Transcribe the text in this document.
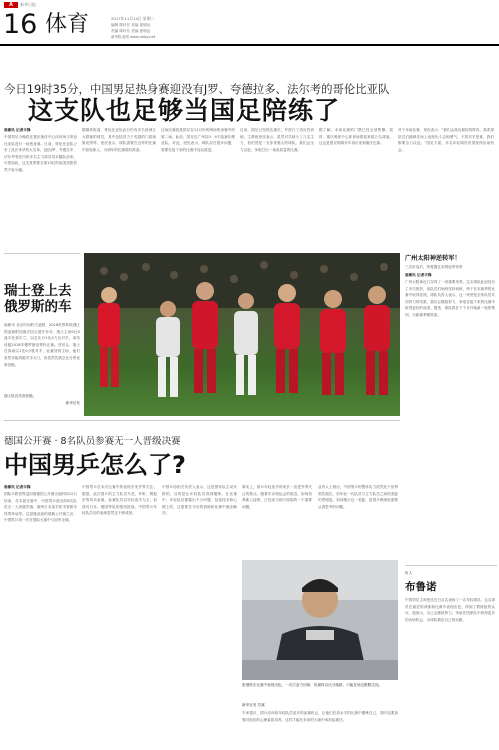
A	新华日报
16 体育	2017年11月14日 星期二
编辑 陈轩茗 美编 夏明达
责编 陈轩茗 美编 夏明达
新华报业网 www.xhby.net
今日19时35分，中国男足热身赛迎没有J罗、夸德拉多、法尔考的哥伦比亚队
这支队也足够当国足陪练了
南都讯 记者丰锋
中国男足今晚将在重庆奥体中心体育场与哥伦比亚队进行一场热身赛。日前，哥伦比亚队公布了此次来华的大名单，包括J罗、夸德拉多、法尔考等在内的多名主力球员均未随队前来。尽管如此，这支世界排名第13位的南美劲旅依然不容小觑。
据媒体报道，哥伦比亚队此行仍有多名欧洲五大联赛的球员，其中包括效力于英超的门将奥斯皮纳等。里皮表示，球队需要在这样的比赛中检验新人，为明年的比赛做好准备。
这场比赛将是国足在11月份的两场热身赛中的第二场。此前，国足在广州以0：4不敌塞尔维亚队。对此，里皮表示，球队存在很多问题，需要在接下来的比赛中加以改进。
目前，国足已经抵达重庆，并进行了适应性训练。主教练里皮表示，虽然对手缺少了几名主力，但仍然是一支非常强大的球队。我们会全力以赴，争取打出一场高质量的比赛。
据了解，本场比赛的门票已经全部售罄。届时，重庆奥体中心体育场将迎来数万名球迷。这也是国足时隔多年再次来到重庆比赛。
对于本场比赛，里皮表示：“我们会派出最好的阵容，我希望队员们能够在场上表现出斗志和勇气，不管对手是谁，我们都要全力以赴。”国足方面，多名年轻球员有望获得出场机会。
瑞士登上去
俄罗斯的车
南都讯 北京时间昨天凌晨，2018世界杯欧洲区预选赛附加赛次回合展开争夺，瑞士主场0比0战平北爱尔兰，以总比分1比0力压对手，成功晋级2018年俄罗斯世界杯正赛。首回合，瑞士在客场以1比0小胜对手，此番回到主场，他们虽然未能攻破对手大门，但依然凭借总比分的优势晋级。
瑞士队员庆祝晋级。
新华社发
广州太阳神逆转军！
三次折返后，终将握住本网冠军荣誉
南都讯 记者丰锋
广州太阳神近日夺得了一项重要荣誉。这支球队此前经历了多次挫折，但队员们始终坚持训练，终于在本赛季的比赛中取得佳绩。球队负责人表示，这一荣誉是全体队员共同努力的结果，我们会继续努力，争取在接下来的比赛中取得更好的成绩。据悉，球队将在下个月开始新一轮的集训，为新赛季做准备。
盯人
布鲁诺
中国男足主帅里皮近日点名表扬了一名年轻球员。这名球员在最近的训练和比赛中表现出色，得到了教练组的认可。他表示，自己会继续努力，争取在国家队中获得更多的出场机会，为球队做出自己的贡献。
德国公开赛 · 8名队员参赛无一人晋级决赛
中国男乒怎么了?
南都讯 记者丰锋
国际乒联世界巡回赛德国公开赛当地时间12日结束，在本届比赛中，中国男乒派出的8名队员无一人晋级决赛，最终日本选手张本智和夺得男单冠军。这是继此前的瑞典公开赛之后，中国男乒再一次在国际大赛中与冠军无缘。
中国男乒在本次比赛中的表现引发外界关注。据悉，此次国乒的主力队员马龙、许昕、樊振东等均未参赛，参赛队员以年轻选手为主，但面对日本、德国等队的强劲挑战，中国男乒年轻队员们的表现显然还不够成熟。
中国乒协相关负责人表示，这是国家队主动安排的，目的是让年轻队员得到锻炼。在比赛中，年轻队员暴露出不少问题，包括技术和心理上的，这需要在今后的训练和比赛中逐步解决。
事实上，国乒年轻选手的成长一直是外界关注的焦点。随着东京奥运会的临近，如何培养新人接班，已经成为国乒面临的一个重要问题。
业内人士指出，中国男乒的整体实力依然处于世界领先地位，但年轻一代队员与主力队员之间的差距仍然明显。如何缩小这一差距，是国乒教练组需要认真思考的问题。
张继科在比赛中表现出色，一次次奋力回球，但最终以比分落败，只能在场边默默注视。
新华社发 苏斌
专家建议，国乒应该给年轻队员更多的参赛机会，让他们在高水平的比赛中磨炼自己，同时也要加强对他们的心理素质培养，这样才能在未来的大赛中承担起重任。
